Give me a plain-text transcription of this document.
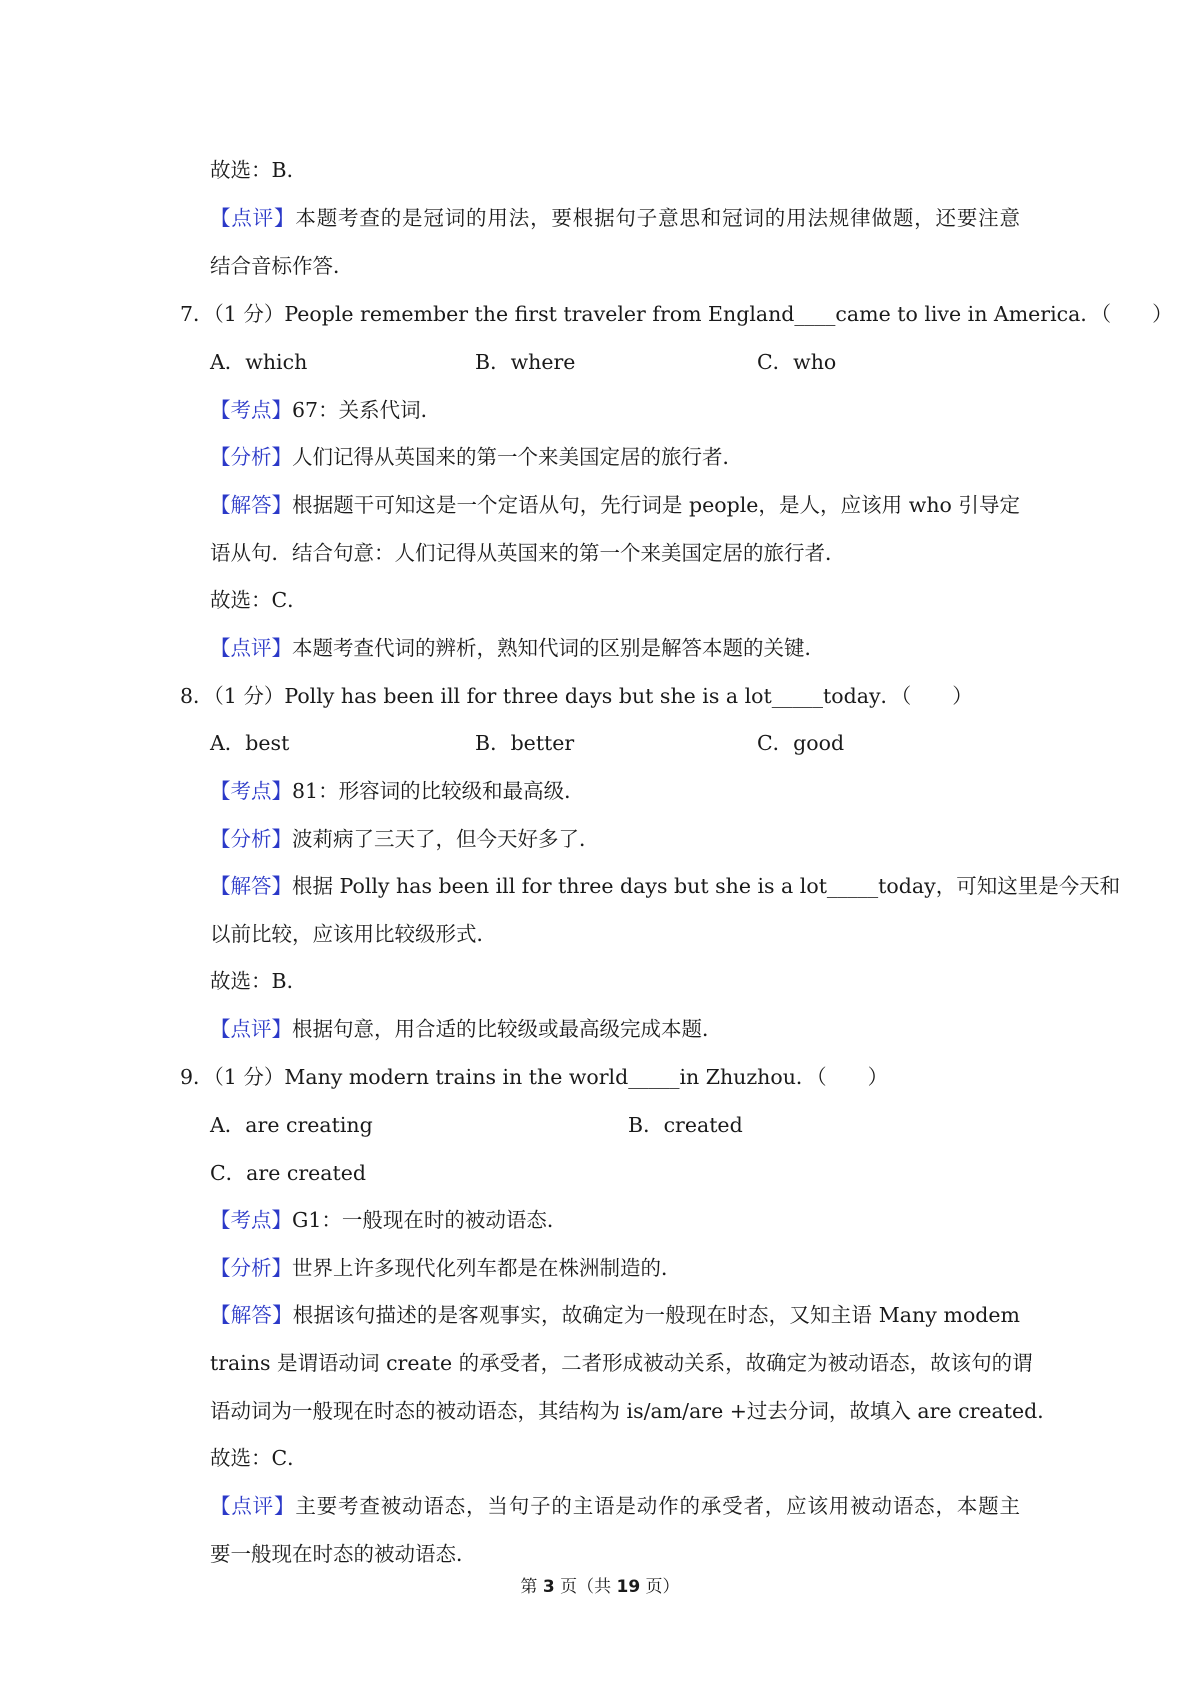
故选：B．
【点评】本题考查的是冠词的用法，要根据句子意思和冠词的用法规律做题，还要注意
结合音标作答．
7．（1 分）People remember the first traveler from England____came to live in America．（　　）
A．which	B．where	C．who
【考点】67：关系代词．
【分析】人们记得从英国来的第一个来美国定居的旅行者．
【解答】根据题干可知这是一个定语从句，先行词是 people，是人，应该用 who 引导定
语从句．结合句意：人们记得从英国来的第一个来美国定居的旅行者．
故选：C．
【点评】本题考查代词的辨析，熟知代词的区别是解答本题的关键．
8．（1 分）Polly has been ill for three days but she is a lot_____today．（　　）
A．best	B．better	C．good
【考点】81：形容词的比较级和最高级．
【分析】波莉病了三天了，但今天好多了．
【解答】根据 Polly has been ill for three days but she is a lot_____today，可知这里是今天和
以前比较，应该用比较级形式．
故选：B．
【点评】根据句意，用合适的比较级或最高级完成本题．
9．（1 分）Many modern trains in the world_____in Zhuzhou．（　　）
A．are creating	B．created
C．are created
【考点】G1：一般现在时的被动语态．
【分析】世界上许多现代化列车都是在株洲制造的．
【解答】根据该句描述的是客观事实，故确定为一般现在时态，又知主语 Many modem
trains 是谓语动词 create 的承受者，二者形成被动关系，故确定为被动语态，故该句的谓
语动词为一般现在时态的被动语态，其结构为 is/am/are +过去分词，故填入 are created．
故选：C．
【点评】主要考查被动语态，当句子的主语是动作的承受者，应该用被动语态，本题主
要一般现在时态的被动语态．
第 3 页（共 19 页）
